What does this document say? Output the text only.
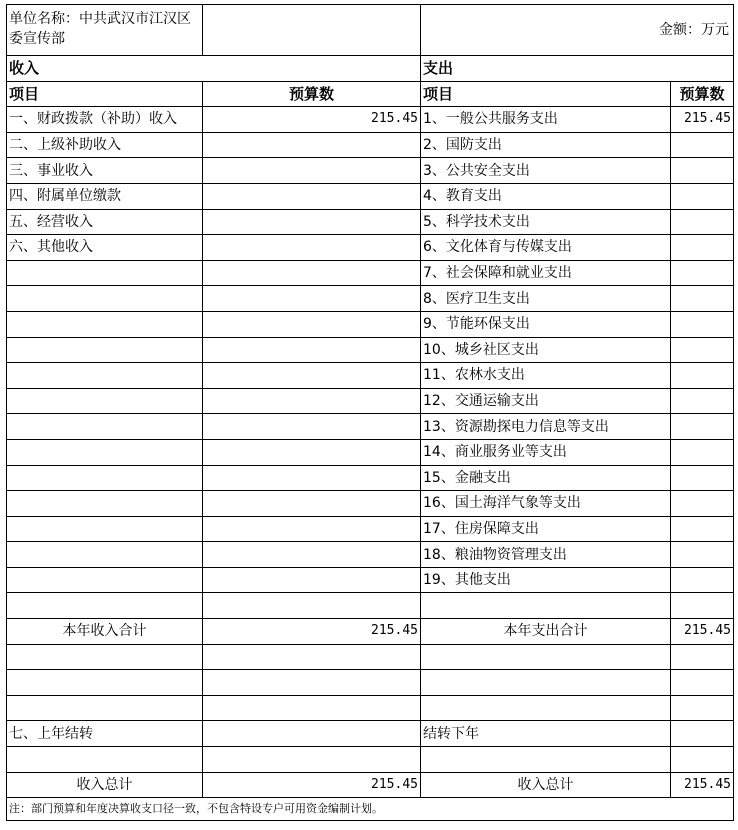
单位名称：中共武汉市江汉区委宣传部		金额：万元	
收入		支出	
项目	预算数	项目	预算数
一、财政拨款（补助）收入	215.45	1、一般公共服务支出	215.45
二、上级补助收入		2、国防支出	
三、事业收入		3、公共安全支出	
四、附属单位缴款		4、教育支出	
五、经营收入		5、科学技术支出	
六、其他收入		6、文化体育与传媒支出	
		7、社会保障和就业支出	
		8、医疗卫生支出	
		9、节能环保支出	
		10、城乡社区支出	
		11、农林水支出	
		12、交通运输支出	
		13、资源勘探电力信息等支出	
		14、商业服务业等支出	
		15、金融支出	
		16、国土海洋气象等支出	
		17、住房保障支出	
		18、粮油物资管理支出	
		19、其他支出	

本年收入合计	215.45	本年支出合计	215.45

七、上年结转		结转下年	

收入总计	215.45	收入总计	215.45
注：部门预算和年度决算收支口径一致，不包含特设专户可用资金编制计划。			
